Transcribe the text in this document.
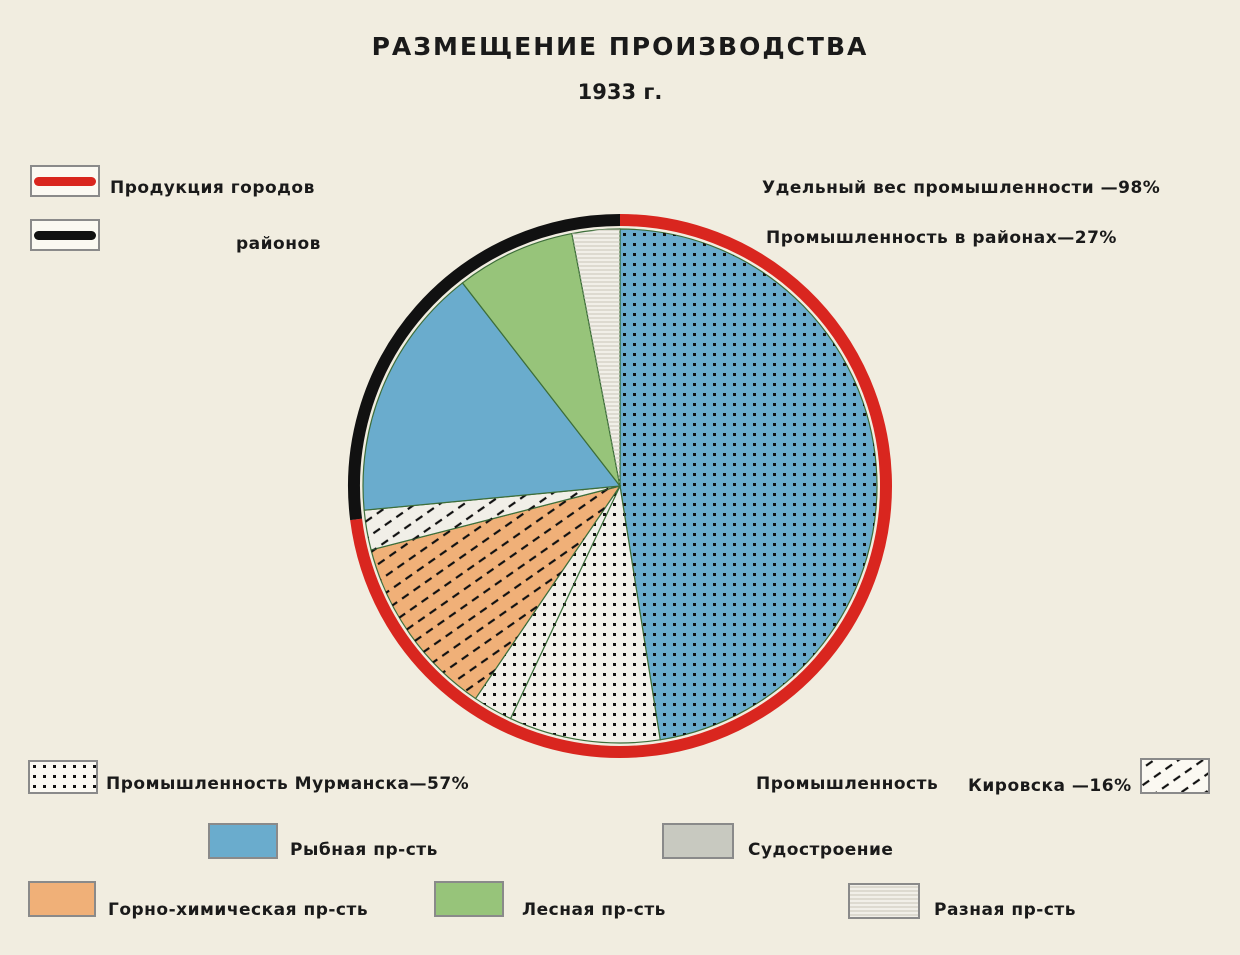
РАЗМЕЩЕНИЕ ПРОИЗВОДСТВА
1933 г.
Продукция городов
районов
Удельный вес промышленности —98%
Промышленность в районах—27%
Промышленность Мурманска—57%	Промышленность Кировска —16%
Рыбная пр-сть	Судостроение
Горно-химическая пр-сть	Лесная пр-сть	Разная пр-сть
